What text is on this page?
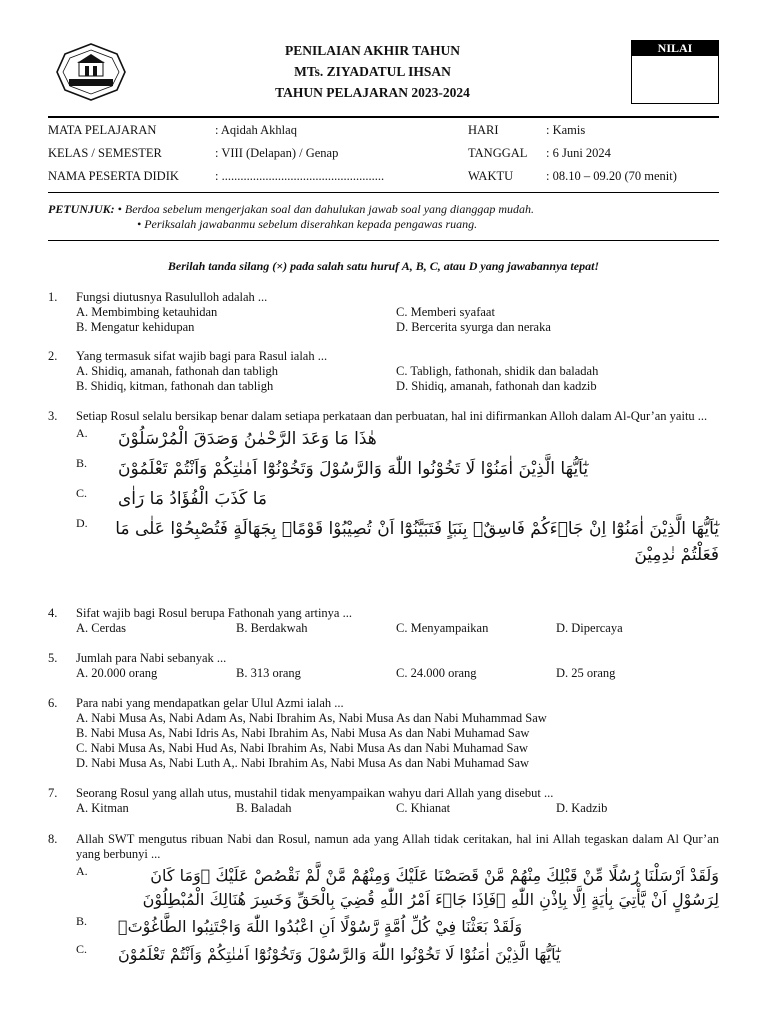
PENILAIAN AKHIR TAHUN
MTs. ZIYADATUL IHSAN
TAHUN PELAJARAN 2023-2024
NILAI
MATA PELAJARAN	: Aqidah Akhlaq	HARI	: Kamis
KELAS / SEMESTER	: VIII (Delapan) / Genap	TANGGAL : 6 Juni 2024
NAMA PESERTA DIDIK	: ....................................................	WAKTU	: 08.10 – 09.20 (70 menit)
PETUNJUK: • Berdoa sebelum mengerjakan soal dan dahulukan jawab soal yang dianggap mudah.
• Periksalah jawabanmu sebelum diserahkan kepada pengawas ruang.
Berilah tanda silang (×) pada salah satu huruf A, B, C, atau D yang jawabannya tepat!
1. Fungsi diutusnya Rasululloh adalah ...
A. Membimbing ketauhidan	C. Memberi syafaat
B. Mengatur kehidupan	D. Bercerita syurga dan neraka
2. Yang termasuk sifat wajib bagi para Rasul ialah ...
A. Shidiq, amanah, fathonah dan tabligh	C. Tabligh, fathonah, shidik dan baladah
B. Shidiq, kitman, fathonah dan tabligh	D. Shidiq, amanah, fathonah dan kadzib
3. Setiap Rosul selalu bersikap benar dalam setiapa perkataan dan perbuatan, hal ini difirmankan Alloh dalam Al-Qur’an yaitu ...
A.	هٰذَا مَا وَعَدَ الرَّحْمٰنُ وَصَدَقَ الْمُرْسَلُوْنَ
B.	يٰٓاَيُّهَا الَّذِيْنَ اٰمَنُوْا لَا تَخُوْنُوا اللّٰهَ وَالرَّسُوْلَ وَتَخُوْنُوْٓا اَمٰنٰتِكُمْ وَاَنْتُمْ تَعْلَمُوْنَ
C.	مَا كَذَبَ الْفُؤَادُ مَا رَاٰى
D.	يٰٓاَيُّهَا الَّذِيْنَ اٰمَنُوْٓا اِنْ جَاۤءَكُمْ فَاسِقٌۢ بِنَبَاٍ فَتَبَيَّنُوْٓا اَنْ تُصِيْبُوْا قَوْمًاۢ بِجَهَالَةٍ فَتُصْبِحُوْا عَلٰى مَا فَعَلْتُمْ نٰدِمِيْنَ
4. Sifat wajib bagi Rosul berupa Fathonah yang artinya ...
A. Cerdas	B. Berdakwah	C. Menyampaikan	D. Dipercaya
5. Jumlah para Nabi sebanyak ...
A. 20.000 orang	B. 313 orang	C. 24.000 orang	D. 25 orang
6. Para nabi yang mendapatkan gelar Ulul Azmi ialah ...
A. Nabi Musa As, Nabi Adam As, Nabi Ibrahim As, Nabi Musa As dan Nabi Muhammad Saw
B. Nabi Musa As, Nabi Idris As, Nabi Ibrahim As, Nabi Musa As dan Nabi Muhamad Saw
C. Nabi Musa As, Nabi Hud As, Nabi Ibrahim As, Nabi Musa As dan Nabi Muhamad Saw
D. Nabi Musa As, Nabi Luth A,. Nabi Ibrahim As, Nabi Musa As dan Nabi Muhamad Saw
7. Seorang Rosul yang allah utus, mustahil tidak menyampaikan wahyu dari Allah yang disebut ...
A. Kitman	B. Baladah	C. Khianat	D. Kadzib
8. Allah SWT mengutus ribuan Nabi dan Rosul, namun ada yang Allah tidak ceritakan, hal ini Allah tegaskan dalam Al Qur’an yang berbunyi ...
A.	وَلَقَدْ اَرْسَلْنَا رُسُلًا مِّنْ قَبْلِكَ مِنْهُمْ مَّنْ قَصَصْنَا عَلَيْكَ وَمِنْهُمْ مَّنْ لَّمْ نَقْصُصْ عَلَيْكَ ۗوَمَا كَانَ لِرَسُوْلٍ اَنْ يَّأْتِيَ بِاٰيَةٍ اِلَّا بِاِذْنِ اللّٰهِ ۚفَاِذَا جَاۤءَ اَمْرُ اللّٰهِ قُضِيَ بِالْحَقِّ وَخَسِرَ هُنَالِكَ الْمُبْطِلُوْنَ
B.	وَلَقَدْ بَعَثْنَا فِيْ كُلِّ اُمَّةٍ رَّسُوْلًا اَنِ اعْبُدُوا اللّٰهَ وَاجْتَنِبُوا الطَّاغُوْتَۚ
C.	يٰٓاَيُّهَا الَّذِيْنَ اٰمَنُوْا لَا تَخُوْنُوا اللّٰهَ وَالرَّسُوْلَ وَتَخُوْنُوْٓا اَمٰنٰتِكُمْ وَاَنْتُمْ تَعْلَمُوْنَ
